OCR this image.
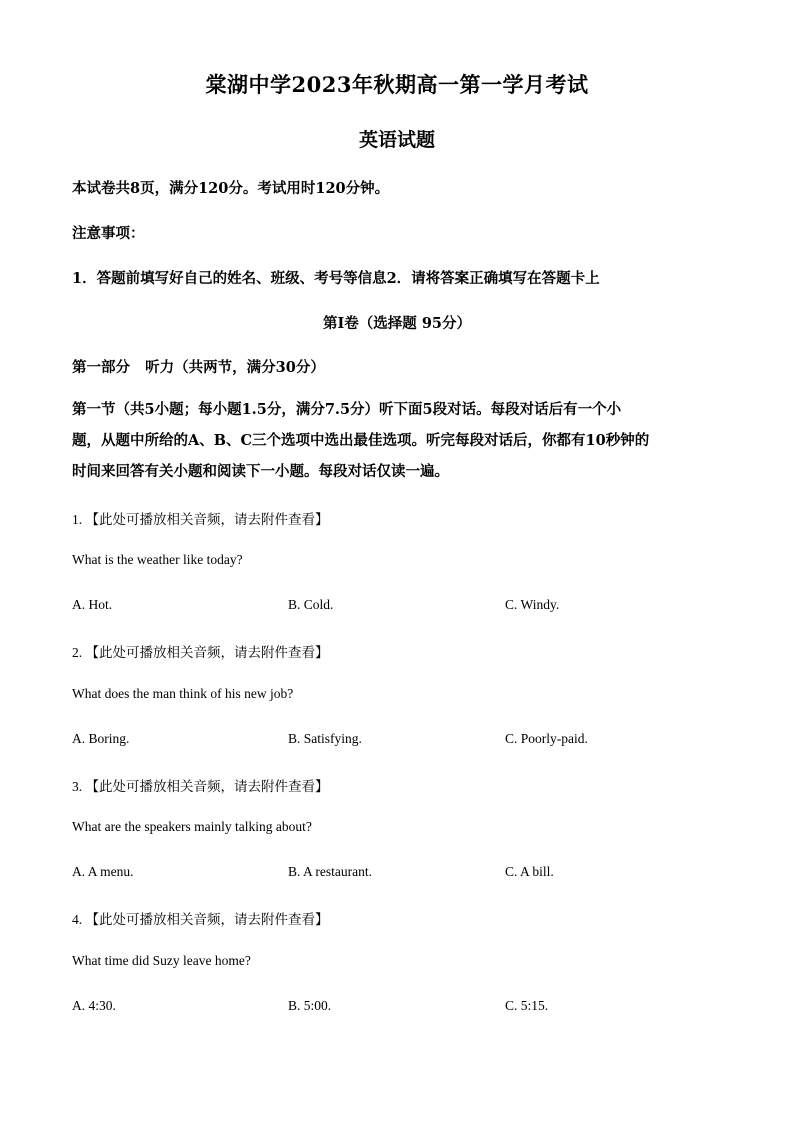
棠湖中学2023年秋期高一第一学月考试
英语试题
本试卷共8页，满分120分。考试用时120分钟。
注意事项：
1．答题前填写好自己的姓名、班级、考号等信息2．请将答案正确填写在答题卡上
第I卷（选择题 95分）
第一部分   听力（共两节，满分30分）
第一节（共5小题；每小题1.5分，满分7.5分）听下面5段对话。每段对话后有一个小
题，从题中所给的A、B、C三个选项中选出最佳选项。听完每段对话后，你都有10秒钟的
时间来回答有关小题和阅读下一小题。每段对话仅读一遍。
1. 【此处可播放相关音频，请去附件查看】
What is the weather like today?
A. Hot.	B. Cold.	C. Windy.
2. 【此处可播放相关音频，请去附件查看】
What does the man think of his new job?
A. Boring.	B. Satisfying.	C. Poorly-paid.
3. 【此处可播放相关音频，请去附件查看】
What are the speakers mainly talking about?
A. A menu.	B. A restaurant.	C. A bill.
4. 【此处可播放相关音频，请去附件查看】
What time did Suzy leave home?
A. 4:30.	B. 5:00.	C. 5:15.
